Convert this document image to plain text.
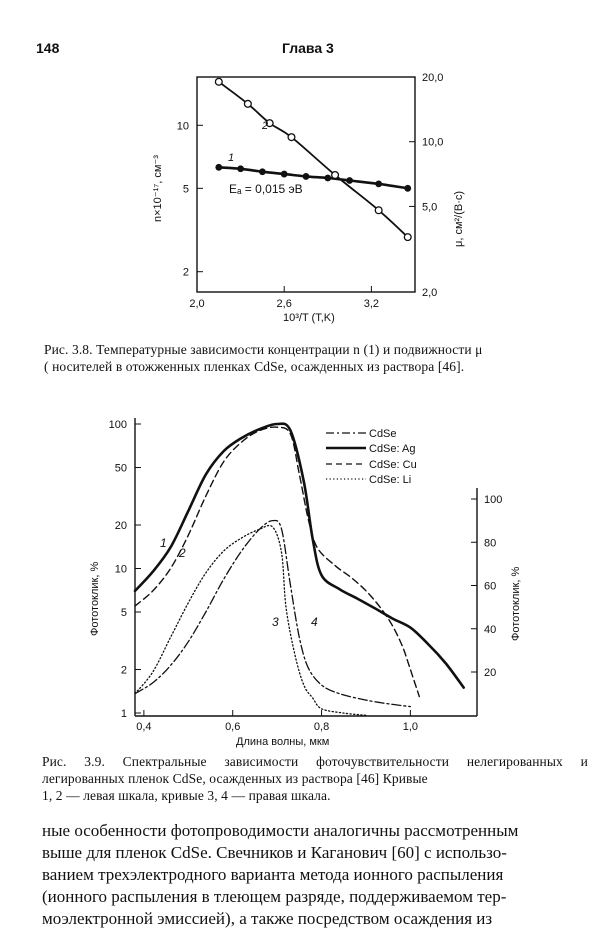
148	Глава 3
2
5
10
2,0
5,0
10,0
20,0
2,0	2,6	3,2
1
2
Eₐ = 0,015 эВ
n×10⁻¹⁷, см⁻³	μ, см²/(В·с)
10³/T (T,K)
Рис. 3.8. Температурные зависимости концентрации n (1) и подвижности μ
( носителей в отожженных пленках CdSe, осажденных из раствора [46].
1
2
5
10
20
50
100
20
40
60
80
100
0,4	0,6	0,8	1,0
CdSe
CdSe: Ag
CdSe: Cu
CdSe: Li
1
2
3	4
Фототоклик, %	Фототоклик, %
Длина волны, мкм
Рис. 3.9. Спектральные зависимости фоточувствительности нелегированных и легированных пленок CdSe, осажденных из раствора [46] Кривые
1, 2 — левая шкала, кривые 3, 4 — правая шкала.
ные особенности фотопроводимости аналогичны рассмотренным
выше для пленок CdSe. Свечников и Каганович [60] с использо-
ванием трехэлектродного варианта метода ионного распыления
(ионного распыления в тлеющем разряде, поддерживаемом тер-
моэлектронной эмиссией), а также посредством осаждения из
